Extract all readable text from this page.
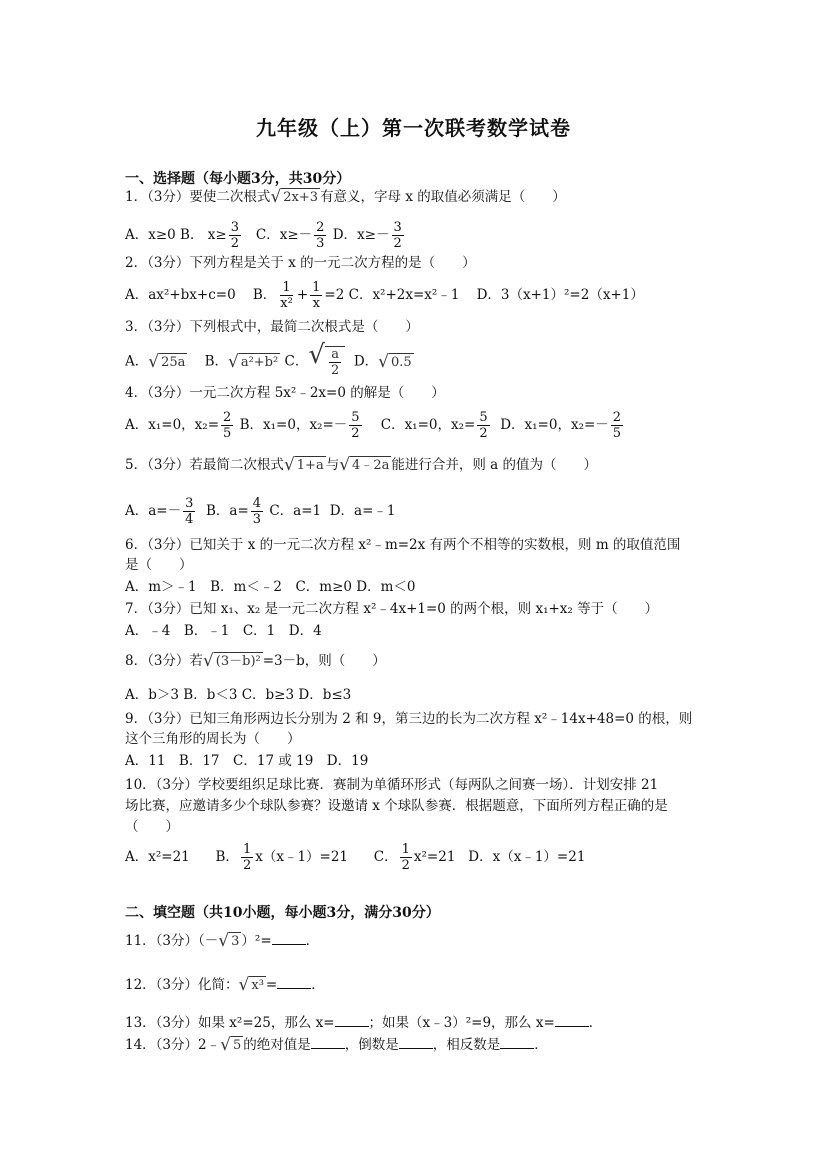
九年级（上）第一次联考数学试卷
一、选择题（每小题3分，共30分）
1．（3分）要使二次根式 √ 2x+3 有意义，字母 x 的取值必须满足（　　）
A．x≥0 B． $x\ge \frac{3}{2}$ C．$x\ge- \frac{2}{3}$ D．$x\ge- \frac{3}{2}$
2．（3分）下列方程是关于 x 的一元二次方程的是（　　）
A．ax²+bx+c=0 B． $\frac{1}{\text{x²}} + \frac{1}{x} =2$ C．x²+2x=x²﹣1 D．3（x+1）²=2（x+1）
3．（3分）下列根式中，最简二次根式是（　　）
A． √ 25a B． √ a²+b² C． √ $\frac{a}{2}$ D． √ 0.5
4．（3分）一元二次方程 5x²﹣2x=0 的解是（　　）
A．x₁=0，$x_2= \frac{2}{5}$ B．x₁=0，$x_2=- \frac{5}{2}$ C．x₁=0，$x_2= \frac{5}{2}$ D．x₁=0，$x_2=- \frac{2}{5}$
5．（3分）若最简二次根式 √ 1+a 与 √ 4﹣2a 能进行合并，则 a 的值为（　　）
A．$a=- \frac{3}{4}$ B．$a= \frac{4}{3}$ C．a=1 D．a=﹣1
6．（3分）已知关于 x 的一元二次方程 x²﹣m=2x 有两个不相等的实数根，则 m 的取值范围
是（　　）
A．m＞﹣1　B．m＜﹣2　C．m≥0 D．m＜0
7．（3分）已知 x₁、x₂ 是一元二次方程 x²﹣4x+1=0 的两个根，则 x₁+x₂ 等于（　　）
A．﹣4　B．﹣1　C．1　D．4
8．（3分）若 √ (3－b)² =3－b，则（　　）
A．b＞3 B．b＜3 C．b≥3 D．b≤3
9．（3分）已知三角形两边长分别为 2 和 9，第三边的长为二次方程 x²﹣14x+48=0 的根，则
这个三角形的周长为（　　）
A．11　B．17　C．17 或 19　D．19
10．（3分）学校要组织足球比赛．赛制为单循环形式（每两队之间赛一场）．计划安排 21
场比赛，应邀请多少个球队参赛？设邀请 x 个球队参赛．根据题意，下面所列方程正确的是
（　　）
A．x²=21 B． $\frac{1}{2}$ x（x﹣1）=21 C． $\frac{1}{2} x^2=21$ D．x（x﹣1）=21
二、填空题（共10小题，每小题3分，满分30分）
11．（3分）（－ √ 3 ）²=	．
12．（3分）化简： √ x³ =	．
13．（3分）如果 x²=25，那么 x=	；如果（x﹣3）²=9，那么 x=	．
14．（3分）2﹣ √ 5 的绝对值是	，倒数是	，相反数是	．
